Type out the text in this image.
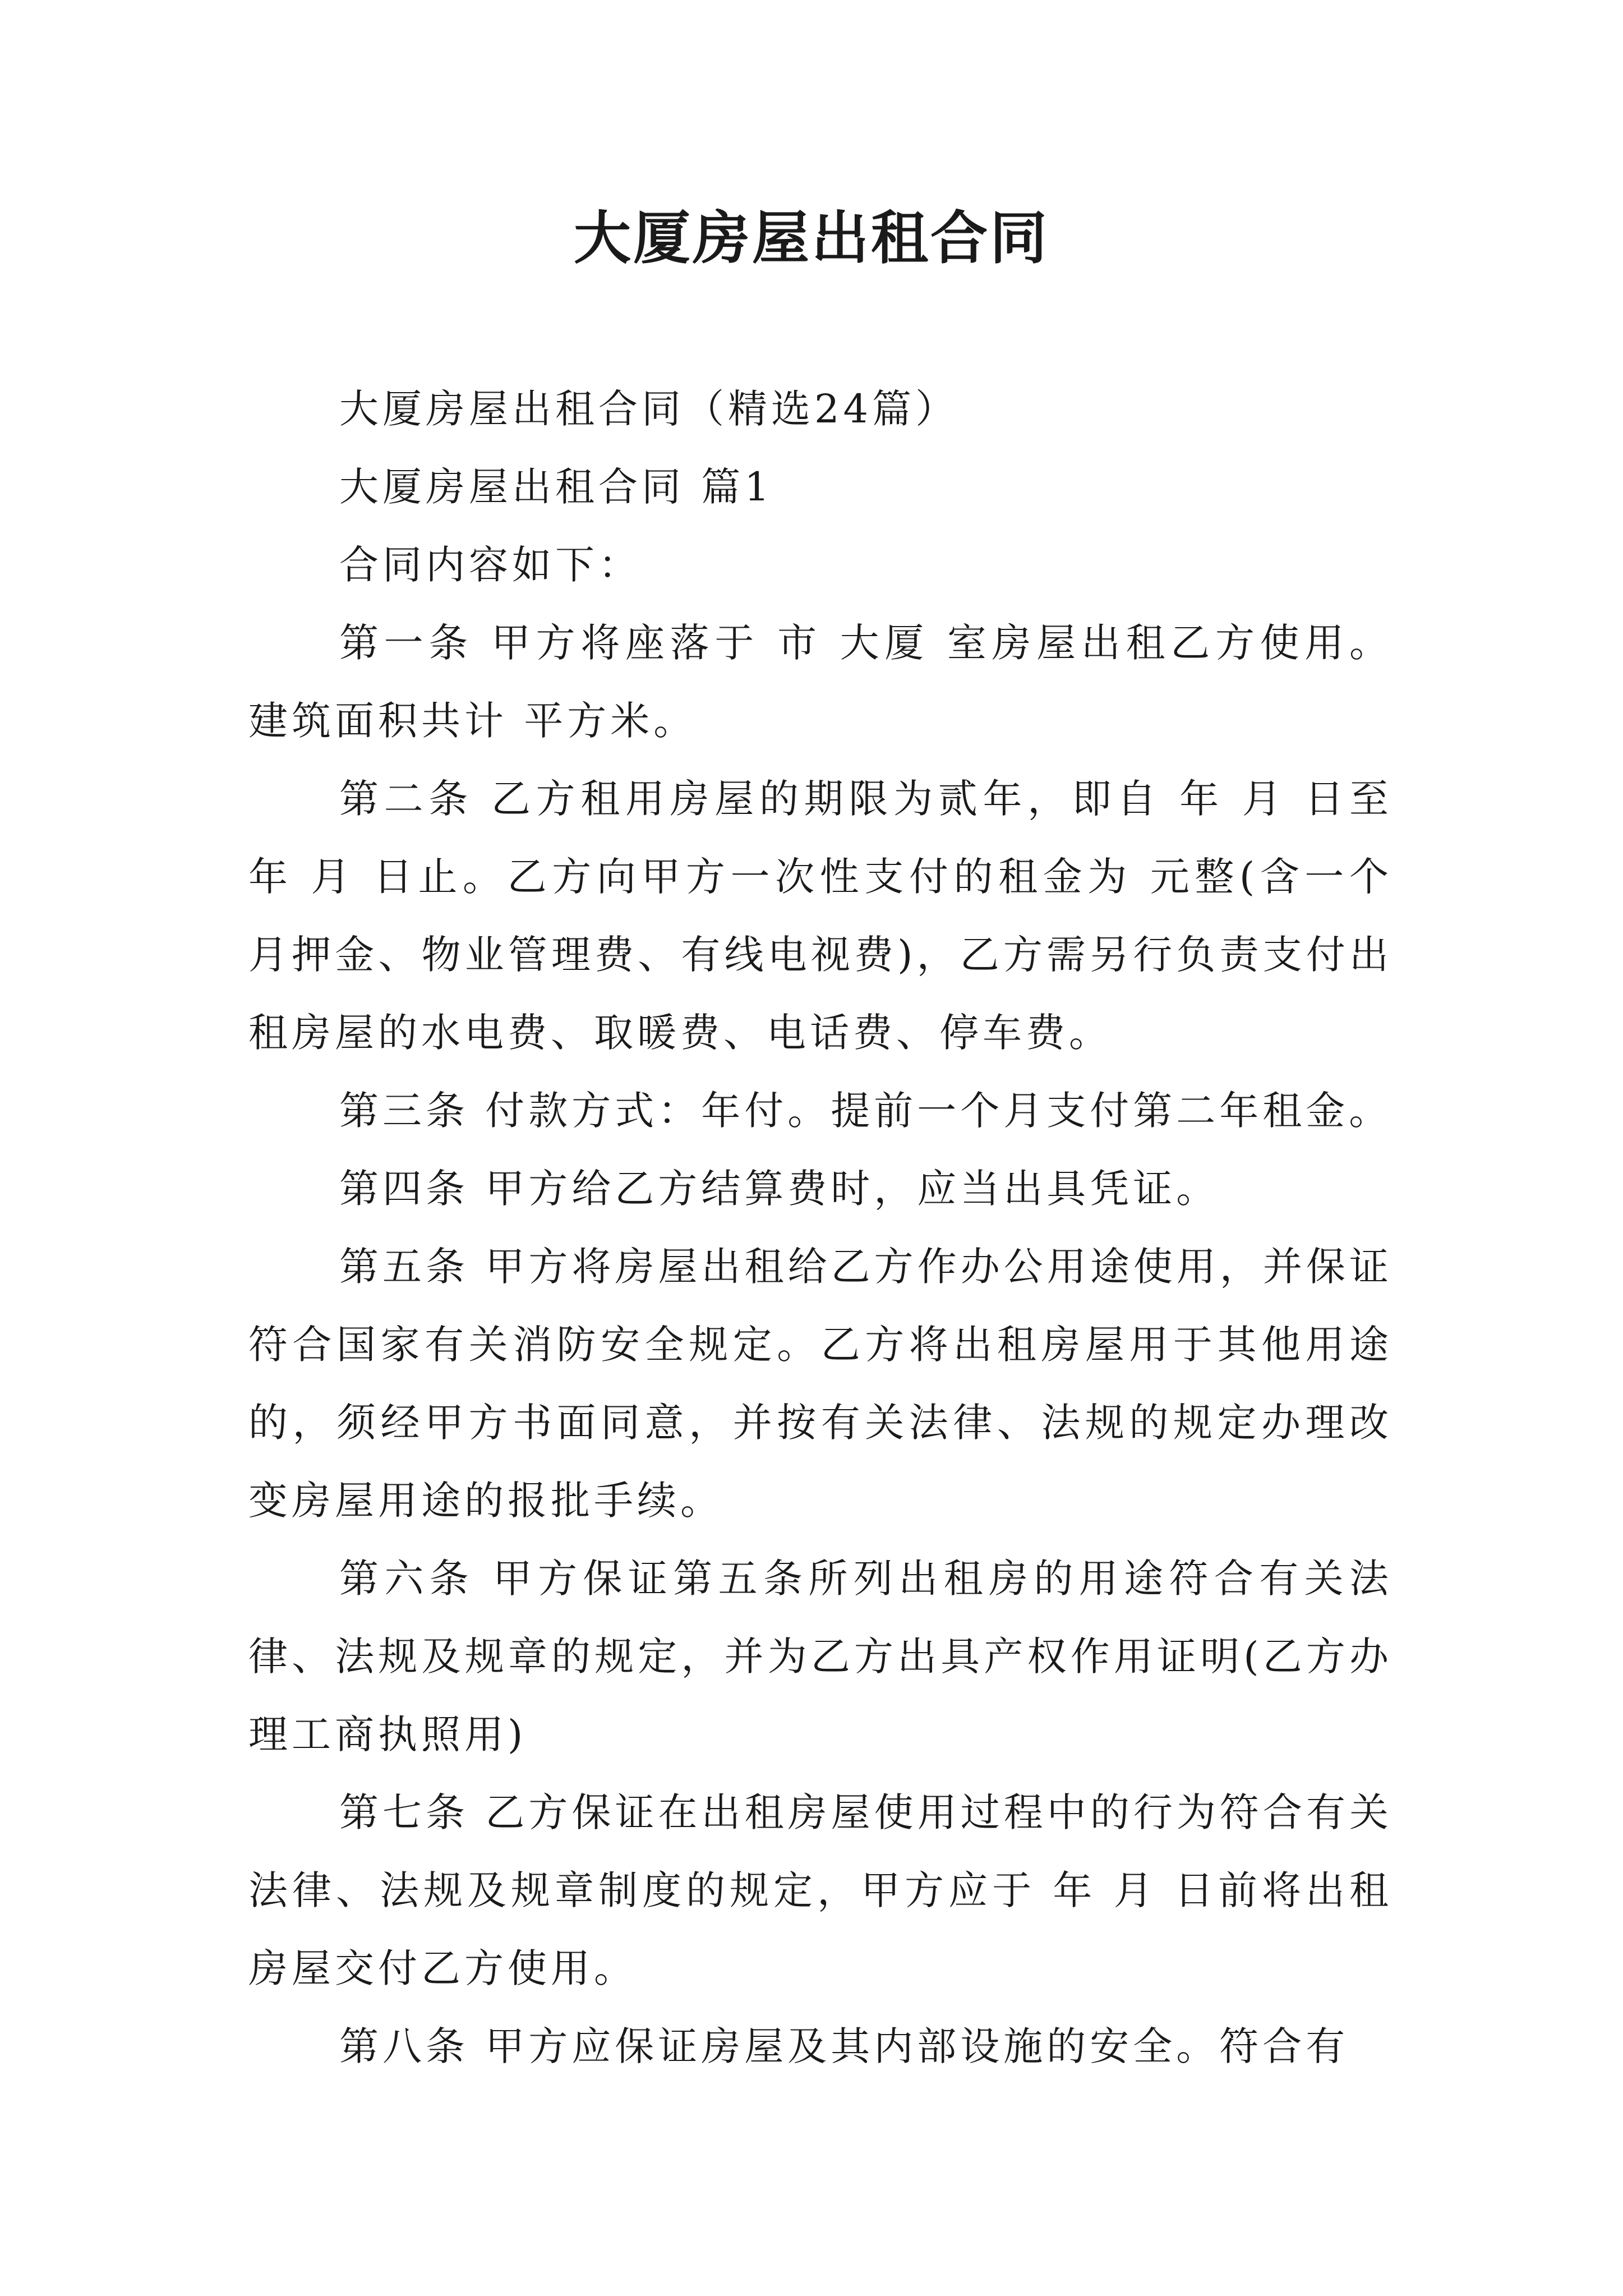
大厦房屋出租合同

大厦房屋出租合同（精选24篇）

大厦房屋出租合同 篇1

合同内容如下：

第一条 甲方将座落于 市 大厦 室房屋出租乙方使用。建筑面积共计 平方米。

第二条 乙方租用房屋的期限为贰年，即自 年 月 日至 年 月 日止。乙方向甲方一次性支付的租金为 元整(含一个月押金、物业管理费、有线电视费)，乙方需另行负责支付出租房屋的水电费、取暖费、电话费、停车费。

第三条 付款方式：年付。提前一个月支付第二年租金。

第四条 甲方给乙方结算费时，应当出具凭证。

第五条 甲方将房屋出租给乙方作办公用途使用，并保证符合国家有关消防安全规定。乙方将出租房屋用于其他用途的，须经甲方书面同意，并按有关法律、法规的规定办理改变房屋用途的报批手续。

第六条 甲方保证第五条所列出租房的用途符合有关法律、法规及规章的规定，并为乙方出具产权作用证明(乙方办理工商执照用)

第七条 乙方保证在出租房屋使用过程中的行为符合有关法律、法规及规章制度的规定，甲方应于 年 月 日前将出租房屋交付乙方使用。

第八条 甲方应保证房屋及其内部设施的安全。符合有
